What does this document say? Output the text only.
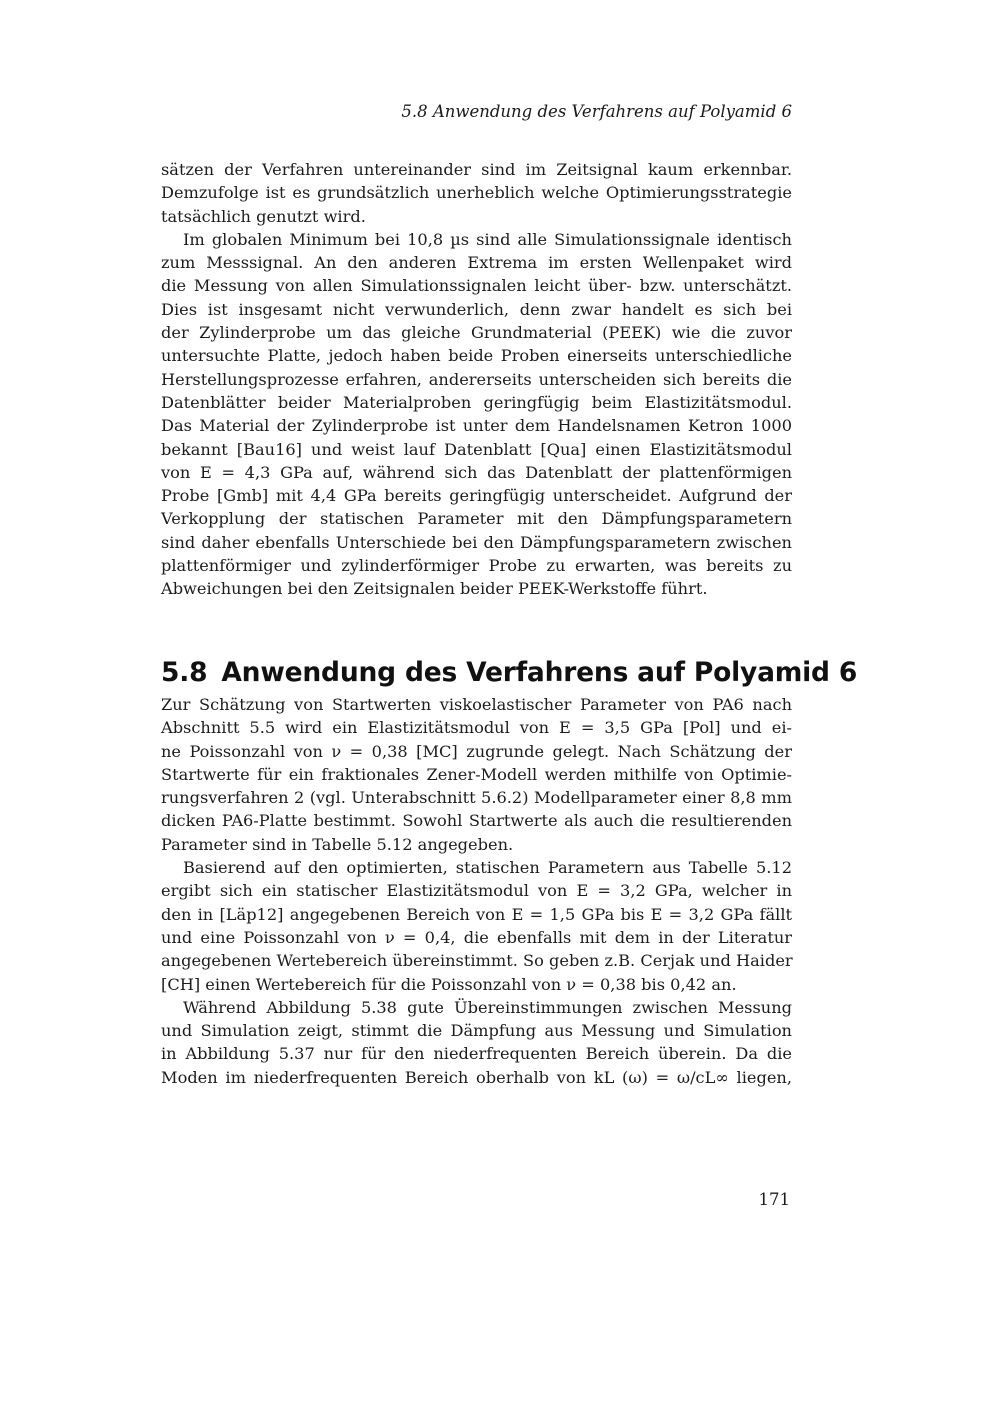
5.8 Anwendung des Verfahrens auf Polyamid 6
sätzen der Verfahren untereinander sind im Zeitsignal kaum erkennbar.
Demzufolge ist es grundsätzlich unerheblich welche Optimierungsstrategie
tatsächlich genutzt wird.
Im globalen Minimum bei 10,8 µs sind alle Simulationssignale identisch
zum Messsignal. An den anderen Extrema im ersten Wellenpaket wird
die Messung von allen Simulationssignalen leicht über- bzw. unterschätzt.
Dies ist insgesamt nicht verwunderlich, denn zwar handelt es sich bei
der Zylinderprobe um das gleiche Grundmaterial (PEEK) wie die zuvor
untersuchte Platte, jedoch haben beide Proben einerseits unterschiedliche
Herstellungsprozesse erfahren, andererseits unterscheiden sich bereits die
Datenblätter beider Materialproben geringfügig beim Elastizitätsmodul.
Das Material der Zylinderprobe ist unter dem Handelsnamen Ketron 1000
bekannt [Bau16] und weist lauf Datenblatt [Qua] einen Elastizitätsmodul
von E = 4,3 GPa auf, während sich das Datenblatt der plattenförmigen
Probe [Gmb] mit 4,4 GPa bereits geringfügig unterscheidet. Aufgrund der
Verkopplung der statischen Parameter mit den Dämpfungsparametern
sind daher ebenfalls Unterschiede bei den Dämpfungsparametern zwischen
plattenförmiger und zylinderförmiger Probe zu erwarten, was bereits zu
Abweichungen bei den Zeitsignalen beider PEEK-Werkstoffe führt.
5.8 Anwendung des Verfahrens auf Polyamid 6
Zur Schätzung von Startwerten viskoelastischer Parameter von PA6 nach
Abschnitt 5.5 wird ein Elastizitätsmodul von E = 3,5 GPa [Pol] und ei-
ne Poissonzahl von ν = 0,38 [MC] zugrunde gelegt. Nach Schätzung der
Startwerte für ein fraktionales Zener-Modell werden mithilfe von Optimie-
rungsverfahren 2 (vgl. Unterabschnitt 5.6.2) Modellparameter einer 8,8 mm
dicken PA6-Platte bestimmt. Sowohl Startwerte als auch die resultierenden
Parameter sind in Tabelle 5.12 angegeben.
Basierend auf den optimierten, statischen Parametern aus Tabelle 5.12
ergibt sich ein statischer Elastizitätsmodul von E = 3,2 GPa, welcher in
den in [Läp12] angegebenen Bereich von E = 1,5 GPa bis E = 3,2 GPa fällt
und eine Poissonzahl von ν = 0,4, die ebenfalls mit dem in der Literatur
angegebenen Wertebereich übereinstimmt. So geben z.B. Cerjak und Haider
[CH] einen Wertebereich für die Poissonzahl von ν = 0,38 bis 0,42 an.
Während Abbildung 5.38 gute Übereinstimmungen zwischen Messung
und Simulation zeigt, stimmt die Dämpfung aus Messung und Simulation
in Abbildung 5.37 nur für den niederfrequenten Bereich überein. Da die
Moden im niederfrequenten Bereich oberhalb von kL (ω) = ω/cL∞ liegen,
171
